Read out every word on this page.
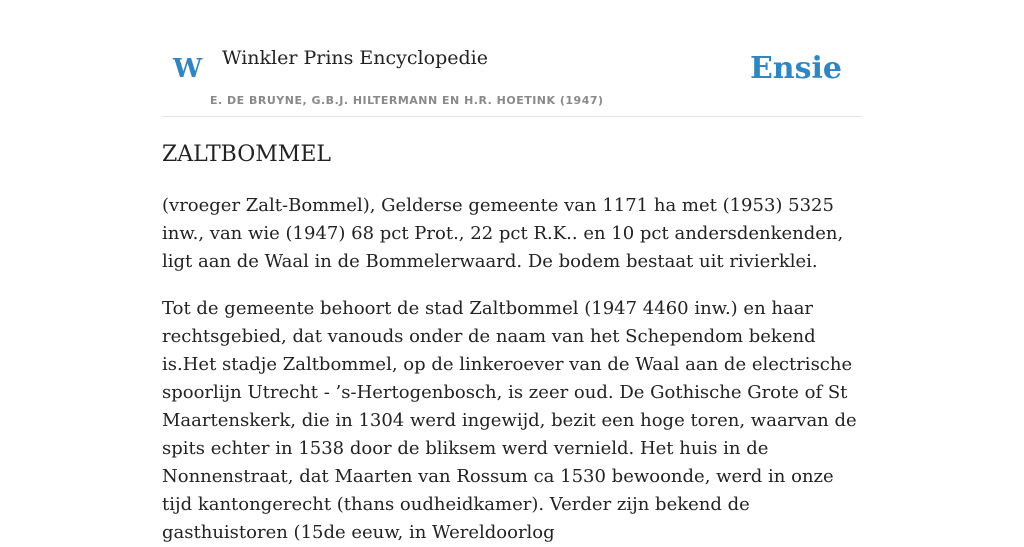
W Winkler Prins Encyclopedie
E. DE BRUYNE, G.B.J. HILTERMANN EN H.R. HOETINK (1947)
Ensie
ZALTBOMMEL

(vroeger Zalt-Bommel), Gelderse gemeente van 1171 ha met (1953) 5325 inw., van wie (1947) 68 pct Prot., 22 pct R.K.. en 10 pct andersdenkenden, ligt aan de Waal in de Bommelerwaard. De bodem bestaat uit rivierklei.

Tot de gemeente behoort de stad Zaltbommel (1947 4460 inw.) en haar rechtsgebied, dat vanouds onder de naam van het Schependom bekend is.Het stadje Zaltbommel, op de linkeroever van de Waal aan de electrische spoorlijn Utrecht - ’s-Hertogenbosch, is zeer oud. De Gothische Grote of St Maartenskerk, die in 1304 werd ingewijd, bezit een hoge toren, waarvan de spits echter in 1538 door de bliksem werd vernield. Het huis in de Nonnenstraat, dat Maarten van Rossum ca 1530 bewoonde, werd in onze tijd kantongerecht (thans oudheidkamer). Verder zijn bekend de gasthuistoren (15de eeuw, in Wereldoorlog
